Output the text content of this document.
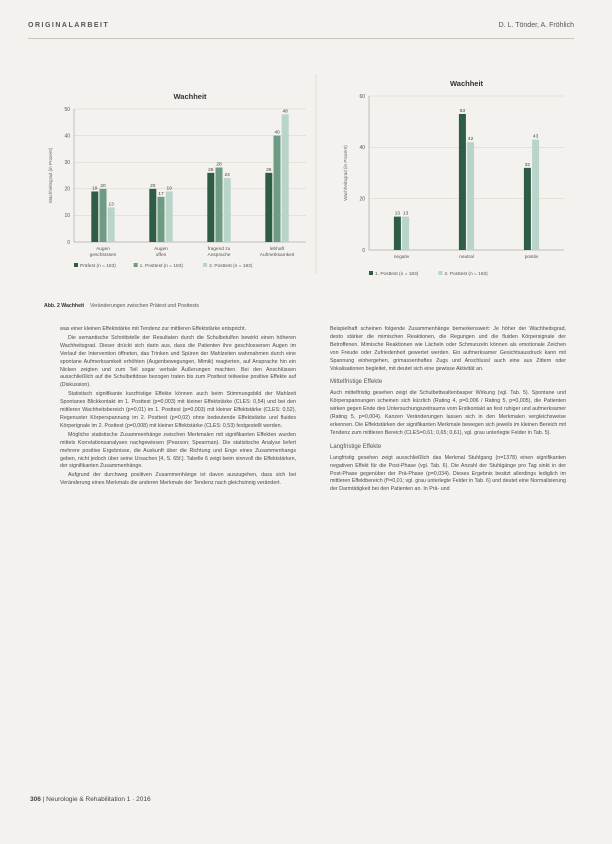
ORIGINALARBEIT	D. L. Tönder, A. Fröhlich
Wachheit
Wachheitsgrad (in Prozent)
0
10
20
30
40
50
19
20
13
Augen
geschlossen
20
17
19
Augen
offen
26
28
24
fragend zu
Ansprache
26
40
48
lebhaft
Aufmerksamkeit
Präfest (n = 183)	1. Posttest (n = 183)	2. Posttest (n = 183)
Wachheit
Wachheitsgrad (in Prozent)
0
20
40
60
13 13
negativ
53
42
neutral
32
43
positiv
1. Posttest (n = 183)	2. Posttest (n = 183)
Abb. 2 Wachheit Veränderungen zwischen Prätest und Posttests

was einer kleinen Effektstärke mit Tendenz zur mittleren Effektstärke entspricht.

Die semantische Schnittstelle der Resultaten durch die Schulbetulfen bewirkt einen höheren Wachheitsgrad. Dieser drückt sich darin aus, dass die Patienten ihre geschlossenen Augen im Verlauf der Intervention öffneten, das Trinken und Spüren der Mahlzeiten wahrnahmen durch eine spontane Aufmerksamkeit erhöhten (Augenbewegungen, Mimik) reagierten, auf Ansprache hin ein Nicken zeigten und zum Teil sogar verbale Äußerungen machten. Bei den Anschlüssen ausschließlich auf die Schulbettdose bezogen traten bis zum Posttest teilweise positive Effekte auf (Diskussion).

Statistisch signifikante kurzfristige Effekte können auch beim Stimmungsbild der Mahlzeit Spontanes Blickkontakt im 1. Posttest (p=0,003) mit kleiner Effektstärke (CLES: 0,54) und bei den mittleren Wachheitsbereich (p=0,01) im 1. Posttest (p=0,003) mit kleiner Effektstärke (CLES: 0,52), Regenuster Körperspannung im 2. Posttest (p=0,02) ohne bedeutende Effektstärke und fluides Körperignale im 2. Posttest (p=0,008) mit kleiner Effektstärke (CLES: 0,53) festgestellt werden.

Mögliche statistische Zusammenhänge zwischen Merkmalen mit signifikanten Effekten wurden mittels Korrelationsanalysen nachgewiesen (Pearson; Spearman). Die statistische Analyse liefert mehrere positive Ergebnisse, die Auskunft über die Richtung und Enge eines Zusammenhangs geben, nicht jedoch über seine Ursachen [4, S. 65f.]. Tabelle 6 zeigt beim sinnvoll die Effektstärken, der signifikanten Zusammenhänge.

Aufgrund der durchweg positiven Zusammenhänge ist davon auszugehen, dass sich bei Veränderung eines Merkmals die anderen Merkmale der Tendenz nach gleichsinnig verändert.

Beispielhaft scheinen folgende Zusammenhänge bemerkenswert: Je höher der Wachheitsgrad, desto stärker die mimischen Reaktionen, die Regungen und die fluiden Körpersignale der Betroffenen. Mimische Reaktionen wie Lächeln oder Schmunzeln können als emotionale Zeichen von Freude oder Zufriedenheit gewertet werden. Ein aufmerksamer Gesichtsausdruck kann mit Spannung einhergehen, grimassenhaftes Zugs und Anschlussl auch eine aus Zittern oder Vokalisationen begleitet, mit deutet sich eine gewisse Aktivität an.

Mittelfristige Effekte

Auch mittelfristig gesehen zeigt die Schulbettwaltenbasper Wirkung (vgl. Tab. 5). Spontane und Körperspannungen scheinen sich kürzlich (Rating 4, p=0,006 / Rating 5, p=0,005), die Patienten wirken gegen Ende des Untersuchungszeitraums vom Erstkontakt an fest ruhiger und aufmerksamer (Rating 5, p=0,004). Kanzen Veränderungen lassen sich in den Merkmalen vergleichsweise erkennen. Die Effektstärken der signifikanten Merkmale bewegen sich jeweils im kleinen Bereich mit Tendenz zum mittleren Bereich (CLES=0,61; 0,65; 0,61), vgl. grau unterlegte Felder in Tab. 5).

Langfristige Effekte

Langfristig gesehen zeigt ausschließlich das Merkmal Stuhlgang (n=1378) einen signifikanten negativen Effekt für die Post-Phase (vgl. Tab. 6). Die Anzahl der Stuhlgänge pro Tag sinkt in der Post-Phase gegenüber der Prä-Phase (p=0,034). Dieses Ergebnis besitzt allerdings lediglich im mittleren Effektbereich (f²=0,01; vgl. grau unterlegte Felder in Tab. 6) und deutet eine Normalisierung der Darmtätigkeit bei den Patienten an. In Prä- und

306 | Neurologie & Rehabilitation 1 · 2016
